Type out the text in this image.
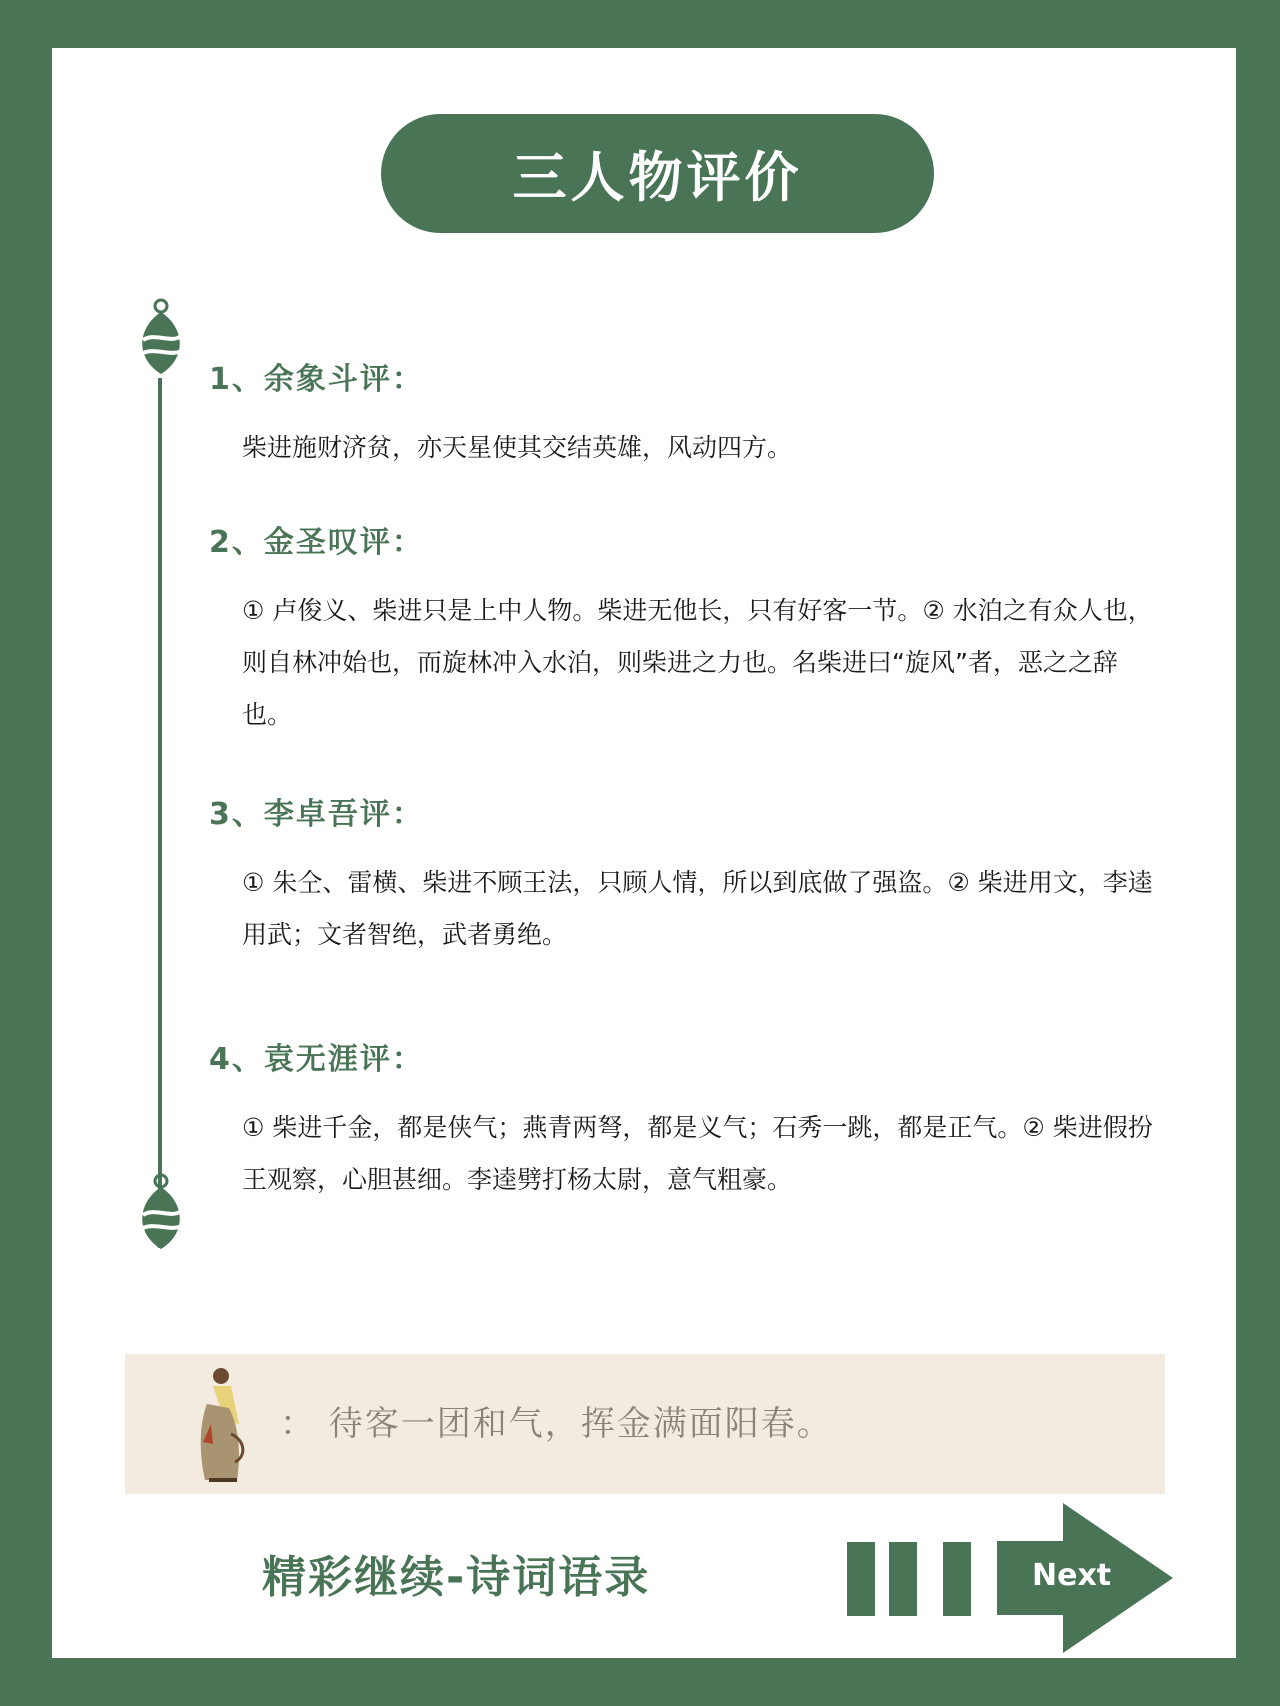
三人物评价
1、余象斗评：
柴进施财济贫，亦天星使其交结英雄，风动四方。
2、金圣叹评：
① 卢俊义、柴进只是上中人物。柴进无他长，只有好客一节。② 水泊之有众人也，则自林冲始也，而旋林冲入水泊，则柴进之力也。名柴进曰“旋风”者，恶之之辞也。
3、李卓吾评：
① 朱仝、雷横、柴进不顾王法，只顾人情，所以到底做了强盗。② 柴进用文，李逵用武；文者智绝，武者勇绝。
4、袁无涯评：
① 柴进千金，都是侠气；燕青两弩，都是义气；石秀一跳，都是正气。② 柴进假扮王观察，心胆甚细。李逵劈打杨太尉，意气粗豪。
： 待客一团和气，挥金满面阳春。
精彩继续-诗词语录	Next
